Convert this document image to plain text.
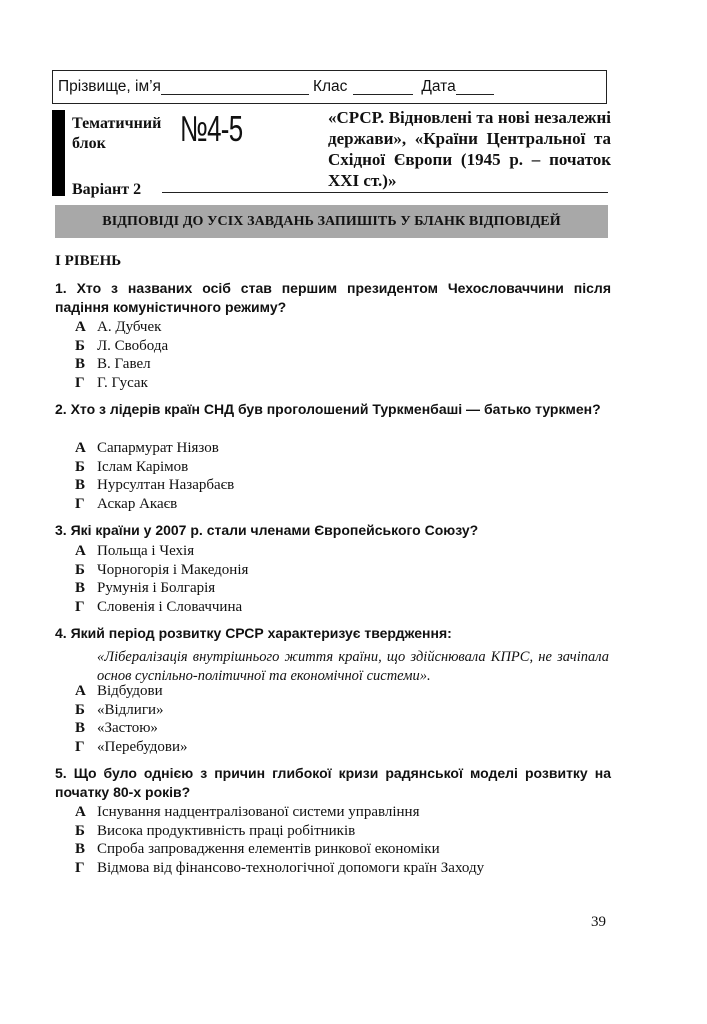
Прізвище, ім’я	Клас	Дата
Тематичний
блок	№4-5	«СРСР. Відновлені та нові незалежні держави», «Країни Центральної та Східної Європи (1945 р. – початок XXI ст.)»
Варіант 2
ВІДПОВІДІ ДО УСІХ ЗАВДАНЬ ЗАПИШІТЬ У БЛАНК ВІДПОВІДЕЙ
І РІВЕНЬ
1. Хто з названих осіб став першим президентом Чехословаччини після падіння комуністичного режиму?
А А. Дубчек
Б Л. Свобода
В В. Гавел
Г Г. Гусак
2. Хто з лідерів країн СНД був проголошений Туркменбаші — батько туркмен?
А Сапармурат Ніязов
Б Іслам Карімов
В Нурсултан Назарбаєв
Г Аскар Акаєв
3. Які країни у 2007 р. стали членами Європейського Союзу?
А Польща і Чехія
Б Чорногорія і Македонія
В Румунія і Болгарія
Г Словенія і Словаччина
4. Який період розвитку СРСР характеризує твердження:
«Лібералізація внутрішнього життя країни, що здійснювала КПРС, не зачіпала основ суспільно-політичної та економічної системи».
А Відбудови
Б «Відлиги»
В «Застою»
Г «Перебудови»
5. Що було однією з причин глибокої кризи радянської моделі розвитку на початку 80-х років?
А Існування надцентралізованої системи управління
Б Висока продуктивність праці робітників
В Спроба запровадження елементів ринкової економіки
Г Відмова від фінансово-технологічної допомоги країн Заходу
39
